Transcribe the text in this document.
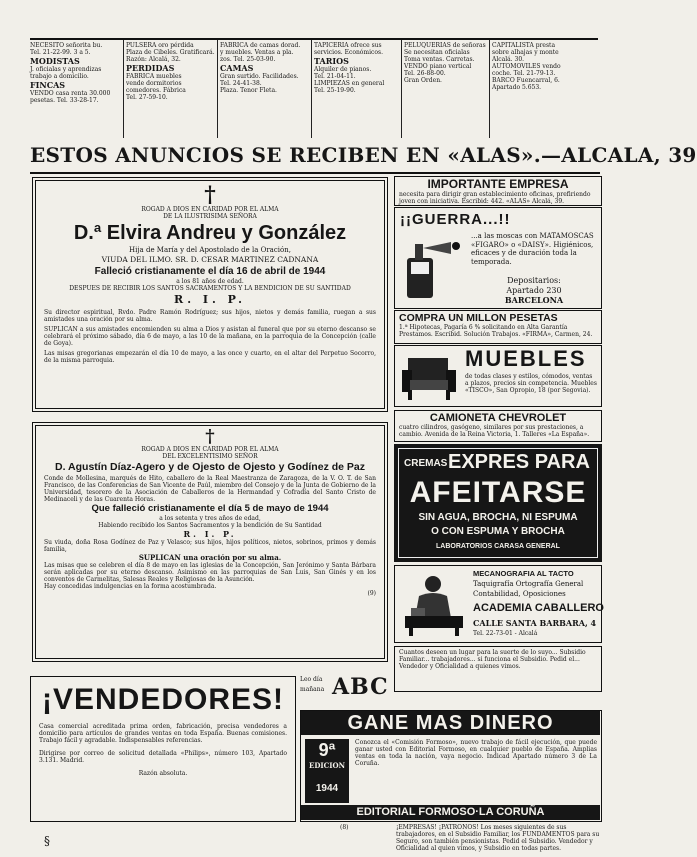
NECESITO señorita bu.
Tel. 21-22-99. 3 a 5.
MODISTAS
J. oficialas y aprendizas
trabajo a domicilio.
FINCAS
VENDO casa renta 30.000
pesetas. Tel. 33-28-17.
PULSERA oro pérdida
Plaza de Cibeles. Gratificará.
Razón: Alcalá, 32.
PERDIDAS
FABRICA muebles
vende dormitorios
comedores. Fábrica
Tel. 27-59-10.
FABRICA de camas dorad.
y muebles. Ventas a pla.
zos. Tel. 25-03-90.
CAMAS
Gran surtido. Facilidades.
Tel. 24-41-38.
Plaza. Tenor Fleta.
TAPICERIA ofrece sus
servicios. Económicos.
TARIOS
Alquiler de pianos.
Tel. 21-04-11.
LIMPIEZAS en general
Tel. 25-19-90.
PELUQUERIAS de señoras
Se necesitan oficialas
Toma ventas. Carretas.
VENDO piano vertical
Tel. 26-88-00.
Gran Orden.
CAPITALISTA presta
sobre alhajas y monte
Alcalá. 30.
AUTOMOVILES vendo
coche. Tel. 21-79-13.
BARCO Fuencarral, 6.
Apartado 5.653.
ESTOS ANUNCIOS SE RECIBEN EN «ALAS».—ALCALA, 39
†
ROGAD A DIOS EN CARIDAD POR EL ALMA
DE LA ILUSTRISIMA SEÑORA
D.ª Elvira Andreu y González
Hija de María y del Apostolado de la Oración,
VIUDA DEL ILMO. SR. D. CESAR MARTINEZ CADNANA
Falleció cristianamente el día 16 de abril de 1944
a los 81 años de edad.
DESPUES DE RECIBIR LOS SANTOS SACRAMENTOS Y LA BENDICION DE SU SANTIDAD
R. I. P.
Su director espiritual, Rvdo. Padre Ramón Rodríguez; sus hijos, nietos y demás familia, ruegan a sus amistades una oración por su alma.
SUPLICAN a sus amistades encomienden su alma a Dios y asistan al funeral que por su eterno descanso se celebrará el próximo sábado, día 6 de mayo, a las 10 de la mañana, en la parroquia de la Concepción (calle de Goya).
Las misas gregorianas empezarán el día 10 de mayo, a las once y cuarto, en el altar del Perpetuo Socorro, de la misma parroquia.
†
ROGAD A DIOS EN CARIDAD POR EL ALMA
DEL EXCELENTISIMO SEÑOR
D. Agustín Díaz-Agero y de Ojesto de Ojesto y Godínez de Paz
Conde de Mollesina, marqués de Hito, caballero de la Real Maestranza de Zaragoza, de la V. O. T. de San Francisco, de las Conferencias de San Vicente de Paúl, miembro del Consejo y de la Junta de Gobierno de la Universidad, tesorero de la Asociación de Caballeros de la Hermandad y Cofradía del Santo Cristo de Medinaceli y de las Cuarenta Horas.
Que falleció cristianamente el día 5 de mayo de 1944
a los setenta y tres años de edad,
Habiendo recibido los Santos Sacramentos y la bendición de Su Santidad
R. I. P.
Su viuda, doña Rosa Godínez de Paz y Velasco; sus hijos, hijos políticos, nietos, sobrinos, primos y demás familia,
SUPLICAN una oración por su alma.
Las misas que se celebren el día 8 de mayo en las iglesias de la Concepción, San Jerónimo y Santa Bárbara serán aplicadas por su eterno descanso. Asimismo en las parroquias de San Luis, San Ginés y en los conventos de Carmelitas, Salesas Reales y Religiosas de la Asunción.
Hay concedidas indulgencias en la forma acostumbrada.
(9)
IMPORTANTE EMPRESA
necesita para dirigir gran establecimiento oficinas, prefiriendo joven con iniciativa. Escribid: 442. «ALAS» Alcalá, 39.
¡¡GUERRA...!!
...a las moscas con MATAMOSCAS «FIGARO» o «DAISY». Higiénicos, eficaces y de duración toda la temporada.
Depositarios:
Apartado 230
BARCELONA
COMPRA UN MILLON PESETAS
1.ª Hipotecas, Pagaría 6 % solicitando en Alta Garantía Prestamos. Escribid. Solución Trabajos. «FIRMA», Carmen, 24.
MUEBLES
de todas clases y estilos, cómodos, ventas a plazos, precios sin competencia. Muebles «TISCO», San Opropio, 18 (por Segovia).
CAMIONETA CHEVROLET
cuatro cilindros, gasógeno, similares por sus prestaciones, a cambio. Avenida de la Reina Victoria, 1. Talleres «La España».
CREMAS EXPRES PARA
AFEITARSE
SIN AGUA, BROCHA, NI ESPUMA
O CON ESPUMA Y BROCHA
LABORATORIOS CARASA GENERAL
MECANOGRAFIA AL TACTO
Taquigrafía Ortografía General
Contabilidad, Oposiciones
ACADEMIA CABALLERO
CALLE SANTA BARBARA, 4
Tel. 22-73-01 - Alcalá
Cuantos deseen un lugar para la suerte de lo suyo... Subsidio Familiar... trabajadores... si funciona el Subsidio. Pedid el... Vendedor y Oficialidad a quienes vimos.
Leo día
mañana ABC
¡VENDEDORES!
Casa comercial acreditada prima orden, fabricación, precisa vendedores a domicilio para artículos de grandes ventas en toda España. Buenas comisiones. Trabajo fácil y agradable. Indispensables referencias.
Dirigirse por correo de solicitud detallada «Philips», número 103, Apartado 3.131. Madrid.
Razón absoluta.
GANE MAS DINERO
9ª
EDICION
1944
Conozca el «Comisión Formoso», nuevo trabajo de fácil ejecución, que puede ganar usted con Editorial Formoso, en cualquier pueblo de España. Amplias ventas en toda la nación, vaya negocio. Indicad Apartado número 3 de La Coruña.
EDITORIAL FORMOSO·LA CORUÑA
¡EMPRESAS! ¡PATRONOS! Los meses siguientes de sus trabajadores, en el Subsidio Familiar, los FUNDAMENTOS para su Seguro, son también pensionistas. Pedid el Subsidio. Vendedor y Oficialidad al quien vimos, y Subsidio en todas partes.
§
(8)
